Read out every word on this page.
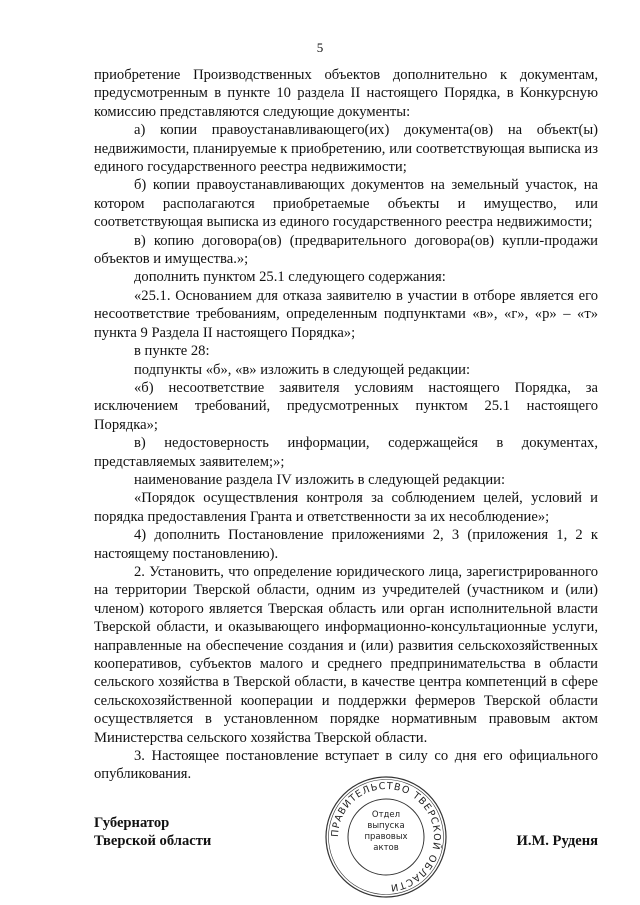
5

приобретение Производственных объектов дополнительно к документам, предусмотренным в пункте 10 раздела II настоящего Порядка, в Конкурсную комиссию представляются следующие документы:

а) копии правоустанавливающего(их) документа(ов) на объект(ы) недвижимости, планируемые к приобретению, или соответствующая выписка из единого государственного реестра недвижимости;

б) копии правоустанавливающих документов на земельный участок, на котором располагаются приобретаемые объекты и имущество, или соответствующая выписка из единого государственного реестра недвижимости;

в) копию договора(ов) (предварительного договора(ов) купли-продажи объектов и имущества.»;

дополнить пунктом 25.1 следующего содержания:

«25.1. Основанием для отказа заявителю в участии в отборе является его несоответствие требованиям, определенным подпунктами «в», «г», «р» – «т» пункта 9 Раздела II настоящего Порядка»;

в пункте 28:

подпункты «б», «в» изложить в следующей редакции:

«б) несоответствие заявителя условиям настоящего Порядка, за исключением требований, предусмотренных пунктом 25.1 настоящего Порядка»;

в) недостоверность информации, содержащейся в документах, представляемых заявителем;»;

наименование раздела IV изложить в следующей редакции:

«Порядок осуществления контроля за соблюдением целей, условий и порядка предоставления Гранта и ответственности за их несоблюдение»;

4) дополнить Постановление приложениями 2, 3 (приложения 1, 2 к настоящему постановлению).

2. Установить, что определение юридического лица, зарегистрированного на территории Тверской области, одним из учредителей (участником и (или) членом) которого является Тверская область или орган исполнительной власти Тверской области, и оказывающего информационно-консультационные услуги, направленные на обеспечение создания и (или) развития сельскохозяйственных кооперативов, субъектов малого и среднего предпринимательства в области сельского хозяйства в Тверской области, в качестве центра компетенций в сфере сельскохозяйственной кооперации и поддержки фермеров Тверской области осуществляется в установленном порядке нормативным правовым актом Министерства сельского хозяйства Тверской области.

3. Настоящее постановление вступает в силу со дня его официального опубликования.

Губернатор
Тверской области
ПРАВИТЕЛЬСТВО ТВЕРСКОЙ ОБЛАСТИ
Отдел
выпуска
правовых
актов	И.М. Руденя
